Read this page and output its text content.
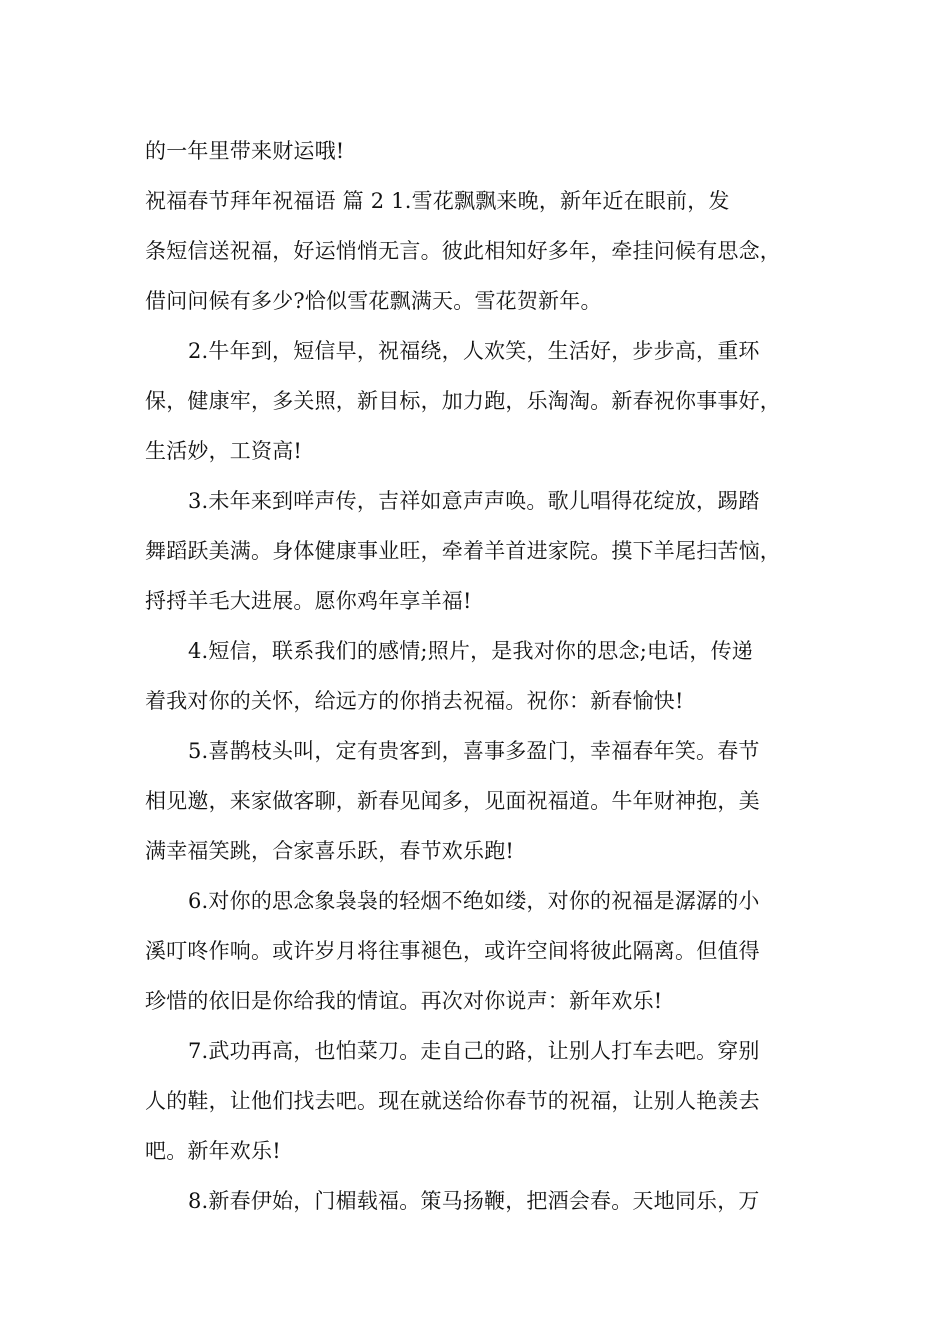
的一年里带来财运哦!
祝福春节拜年祝福语 篇 2 1.雪花飘飘来晚，新年近在眼前，发
条短信送祝福，好运悄悄无言。彼此相知好多年，牵挂问候有思念，
借问问候有多少?恰似雪花飘满天。雪花贺新年。
2.牛年到，短信早，祝福绕，人欢笑，生活好，步步高，重环
保，健康牢，多关照，新目标，加力跑，乐淘淘。新春祝你事事好，
生活妙，工资高!
3.未年来到咩声传，吉祥如意声声唤。歌儿唱得花绽放，踢踏
舞蹈跃美满。身体健康事业旺，牵着羊首进家院。摸下羊尾扫苦恼，
捋捋羊毛大进展。愿你鸡年享羊福!
4.短信，联系我们的感情;照片，是我对你的思念;电话，传递
着我对你的关怀，给远方的你捎去祝福。祝你：新春愉快!
5.喜鹊枝头叫，定有贵客到，喜事多盈门，幸福春年笑。春节
相见邀，来家做客聊，新春见闻多，见面祝福道。牛年财神抱，美
满幸福笑跳，合家喜乐跃，春节欢乐跑!
6.对你的思念象袅袅的轻烟不绝如缕，对你的祝福是潺潺的小
溪叮咚作响。或许岁月将往事褪色，或许空间将彼此隔离。但值得
珍惜的依旧是你给我的情谊。再次对你说声：新年欢乐!
7.武功再高，也怕菜刀。走自己的路，让别人打车去吧。穿别
人的鞋，让他们找去吧。现在就送给你春节的祝福，让别人艳羡去
吧。新年欢乐!
8.新春伊始，门楣载福。策马扬鞭，把酒会春。天地同乐，万
